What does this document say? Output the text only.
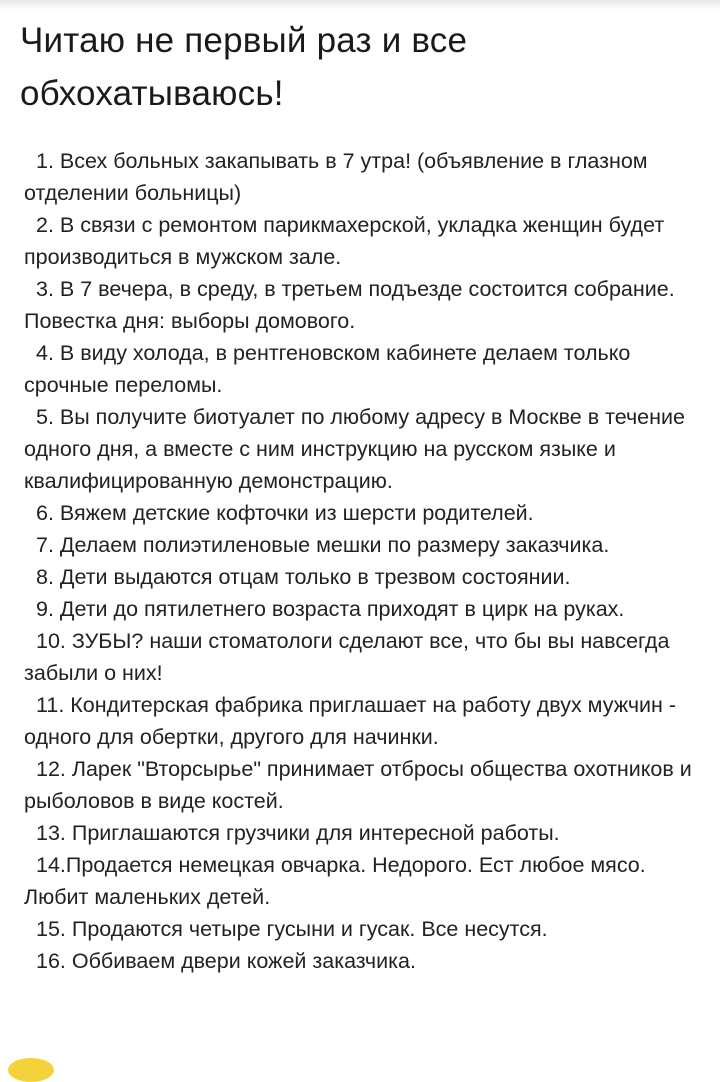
Читаю не первый раз и все обхохатываюсь!
1. Всех больных закапывать в 7 утра! (объявление в глазном отделении больницы)
2. В связи с ремонтом парикмахерской, укладка женщин будет производиться в мужском зале.
3. В 7 вечера, в среду, в третьем подъезде состоится собрание. Повестка дня: выборы домового.
4. В виду холода, в рентгеновском кабинете делаем только срочные переломы.
5. Вы получите биотуалет по любому адресу в Москве в течение одного дня, а вместе с ним инструкцию на русском языке и квалифицированную демонстрацию.
6. Вяжем детские кофточки из шерсти родителей.
7. Делаем полиэтиленовые мешки по размеру заказчика.
8. Дети выдаются отцам только в трезвом состоянии.
9. Дети до пятилетнего возраста приходят в цирк на руках.
10. ЗУБЫ? наши стоматологи сделают все, что бы вы навсегда забыли о них!
11. Кондитерская фабрика приглашает на работу двух мужчин - одного для обертки, другого для начинки.
12. Ларек "Вторсырье" принимает отбросы общества охотников и рыболовов в виде костей.
13. Приглашаются грузчики для интересной работы.
14.Продается немецкая овчарка. Недорого. Ест любое мясо. Любит маленьких детей.
15. Продаются четыре гусыни и гусак. Все несутся.
16. Оббиваем двери кожей заказчика.
